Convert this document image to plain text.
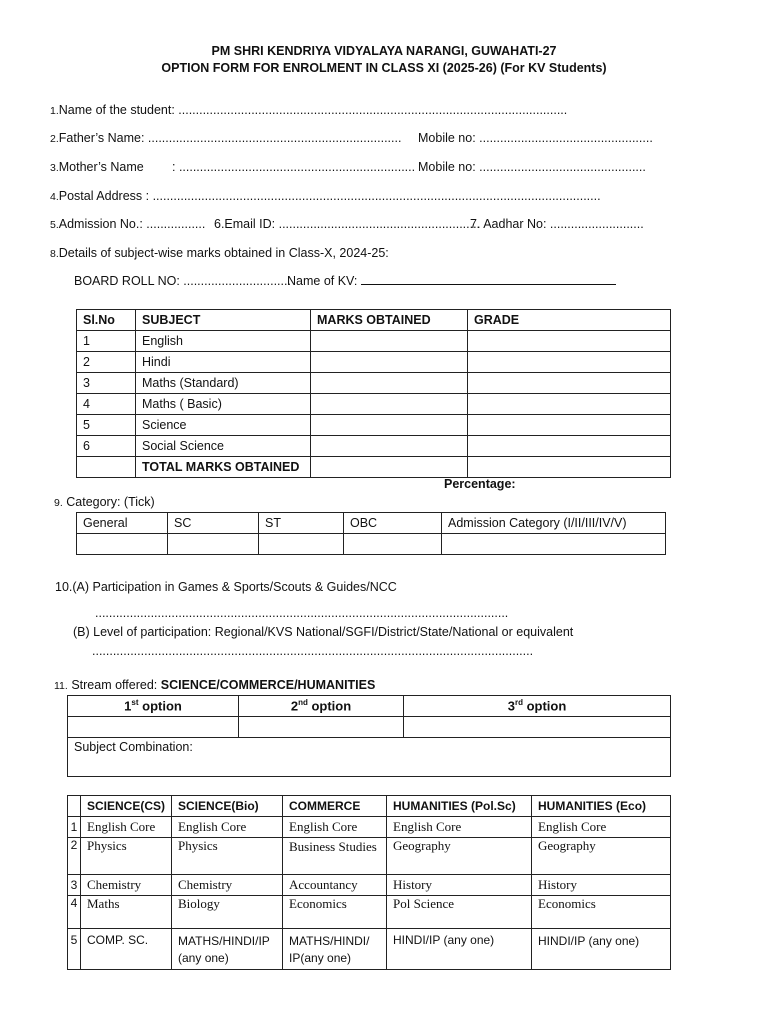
PM SHRI KENDRIYA VIDYALAYA NARANGI, GUWAHATI-27
OPTION FORM FOR ENROLMENT IN CLASS XI (2025-26) (For KV Students)
1.Name of the student: ................................................................................................................
2.Father’s Name: ......................................................................... Mobile no: ..................................................
3.Mother’s Name : .................................................................... Mobile no: ................................................
4.Postal Address : .................................................................................................................................
5.Admission No.: ................. 6.Email ID: ..........................................................
7. Aadhar No: ...........................
8.Details of subject-wise marks obtained in Class-X, 2024-25:
BOARD ROLL NO: ...............................
Name of KV:
Sl.No	SUBJECT	MARKS OBTAINED	GRADE
1	English		
2	Hindi		
3	Maths (Standard)		
4	Maths ( Basic)		
5	Science		
6	Social Science		
	TOTAL MARKS OBTAINED		
Percentage:
9. Category: (Tick)
General	SC	ST	OBC	Admission Category (I/II/III/IV/V)

10.(A) Participation in Games & Sports/Scouts & Guides/NCC
.......................................................................................................................
(B) Level of participation: Regional/KVS National/SGFI/District/State/National or equivalent
...............................................................................................................................
11. Stream offered: SCIENCE/COMMERCE/HUMANITIES
1st option	2nd option	3rd option

Subject Combination:		
	SCIENCE(CS)	SCIENCE(Bio)	COMMERCE	HUMANITIES (Pol.Sc)	HUMANITIES (Eco)
1	English Core	English Core	English Core	English Core	English Core
2	Physics	Physics	Business Studies	Geography	Geography
3	Chemistry	Chemistry	Accountancy	History	History
4	Maths	Biology	Economics	Pol Science	Economics
5	COMP. SC.	MATHS/HINDI/IP (any one)	MATHS/HINDI/ IP(any one)	HINDI/IP (any one)	HINDI/IP (any one)
